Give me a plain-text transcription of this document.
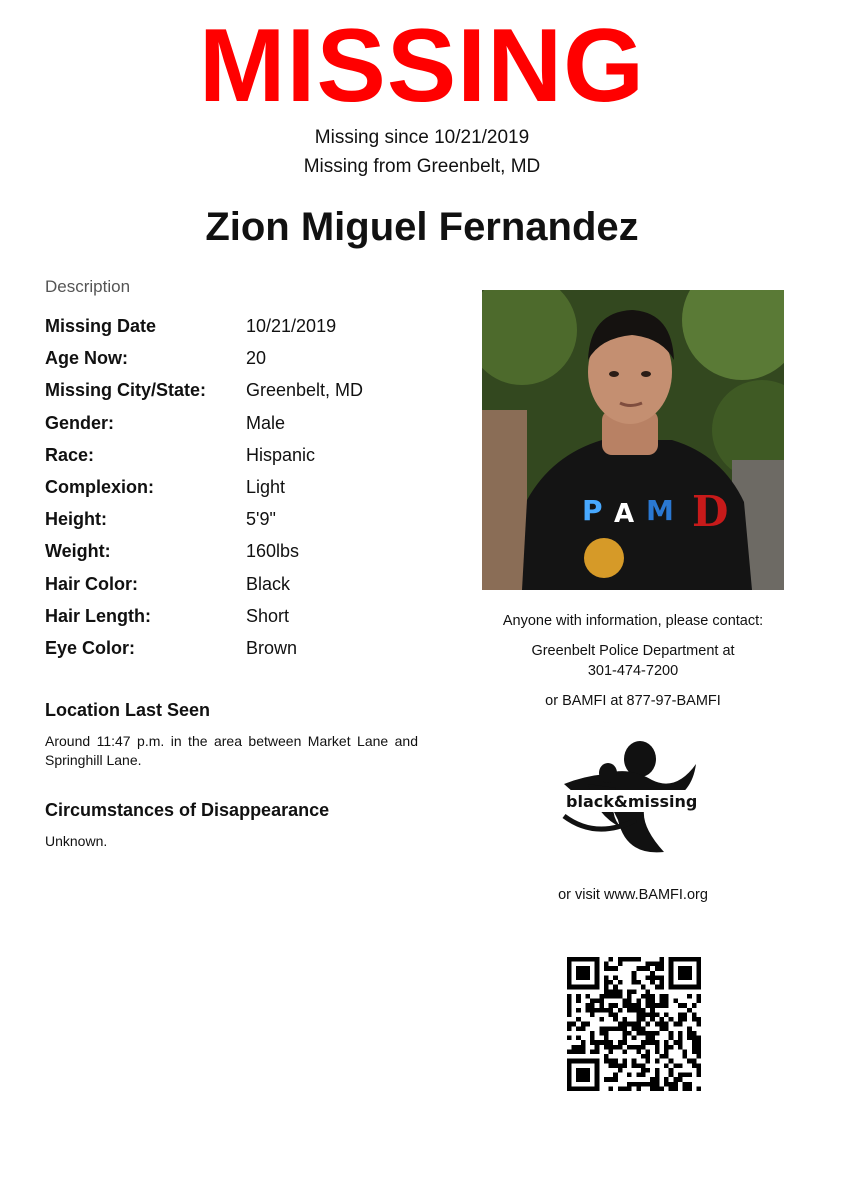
MISSING
Missing since 10/21/2019
Missing from Greenbelt, MD
Zion Miguel Fernandez
Description
Missing Date	10/21/2019
Age Now:	20
Missing City/State: Greenbelt, MD
Gender:	Male
Race:	Hispanic
Complexion:	Light
Height:	5'9"
Weight:	160lbs
Hair Color:	Black
Hair Length:	Short
Eye Color:	Brown
Location Last Seen
Around 11:47 p.m. in the area between Market Lane and Springhill Lane.
Circumstances of Disappearance
Unknown.
P A M D
Anyone with information, please contact:
Greenbelt Police Department at
301-474-7200
or BAMFI at 877-97-BAMFI
black&missing
or visit www.BAMFI.org
